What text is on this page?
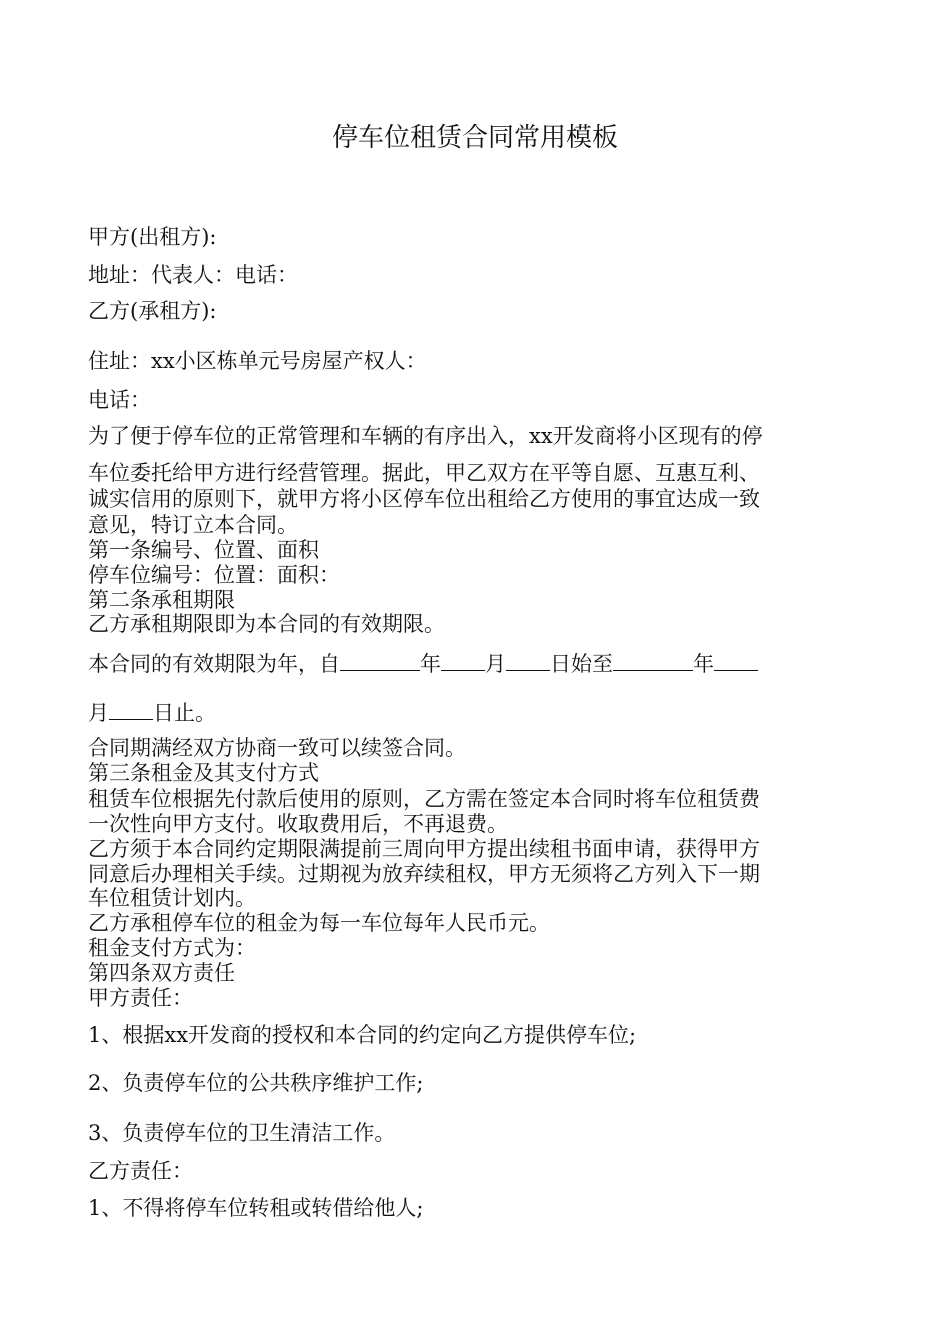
停车位租赁合同常用模板

甲方(出租方):

地址：代表人：电话：

乙方(承租方):

住址：xx小区栋单元号房屋产权人：

电话：

为了便于停车位的正常管理和车辆的有序出入，xx开发商将小区现有的停

车位委托给甲方进行经营管理。据此，甲乙双方在平等自愿、互惠互利、

诚实信用的原则下，就甲方将小区停车位出租给乙方使用的事宜达成一致

意见，特订立本合同。

第一条编号、位置、面积

停车位编号：位置：面积：

第二条承租期限

乙方承租期限即为本合同的有效期限。

本合同的有效期限为年，自	年 月 日始至	年

月 日止。

合同期满经双方协商一致可以续签合同。

第三条租金及其支付方式

租赁车位根据先付款后使用的原则，乙方需在签定本合同时将车位租赁费

一次性向甲方支付。收取费用后，不再退费。

乙方须于本合同约定期限满提前三周向甲方提出续租书面申请，获得甲方

同意后办理相关手续。过期视为放弃续租权，甲方无须将乙方列入下一期

车位租赁计划内。

乙方承租停车位的租金为每一车位每年人民币元。

租金支付方式为：

第四条双方责任

甲方责任：

1、根据xx开发商的授权和本合同的约定向乙方提供停车位;

2、负责停车位的公共秩序维护工作;

3、负责停车位的卫生清洁工作。

乙方责任：

1、不得将停车位转租或转借给他人;
